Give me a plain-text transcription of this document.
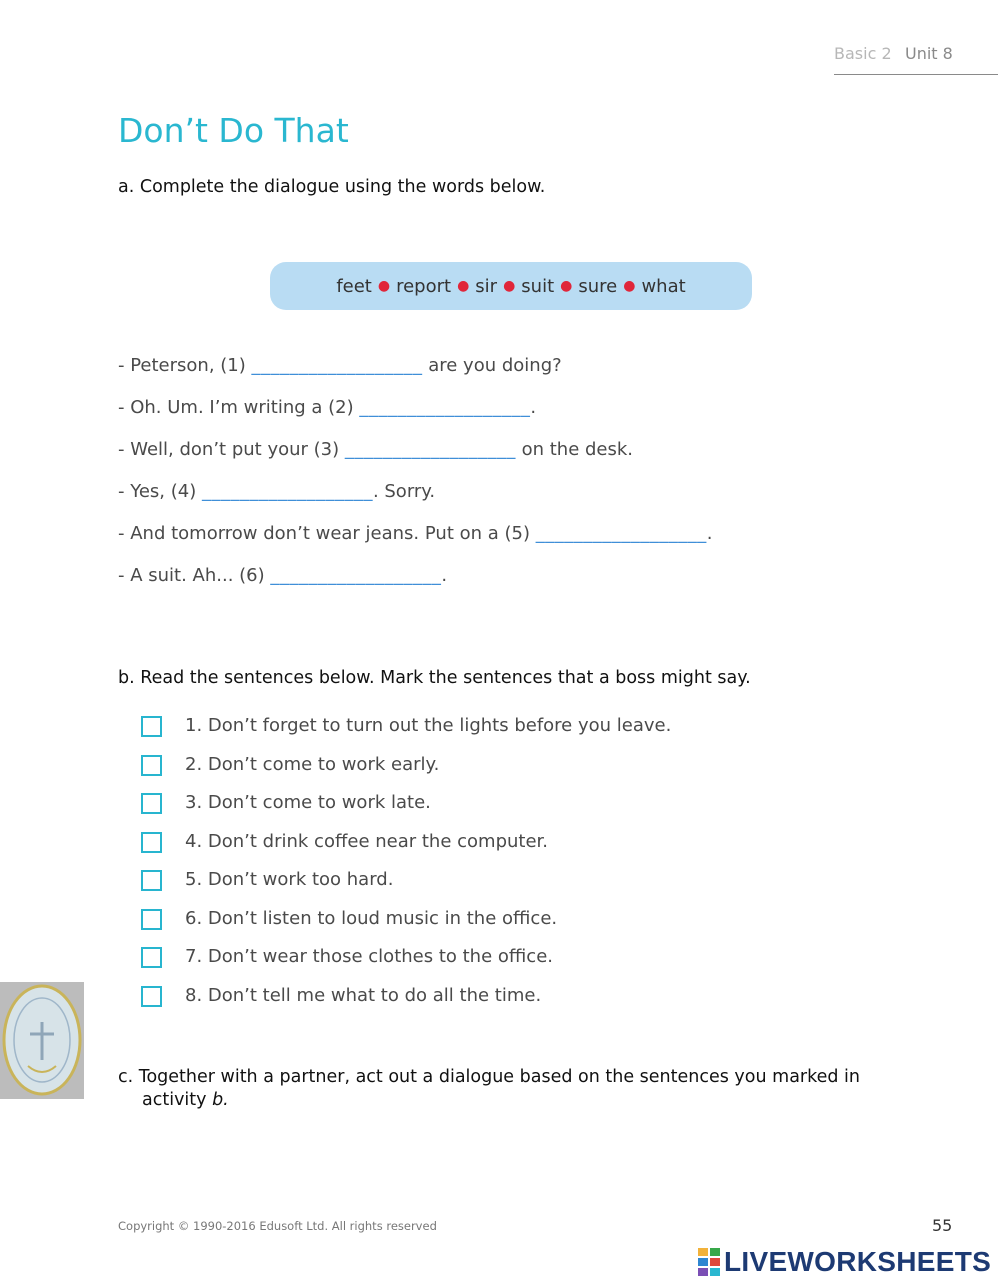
Basic 2 Unit 8
Don’t Do That
a. Complete the dialogue using the words below.
feet ● report ● sir ● suit ● sure ● what
- Peterson, (1) __________________ are you doing?
- Oh. Um. I’m writing a (2) __________________.
- Well, don’t put your (3) __________________ on the desk.
- Yes, (4) __________________. Sorry.
- And tomorrow don’t wear jeans. Put on a (5) __________________.
- A suit. Ah... (6) __________________.
b. Read the sentences below. Mark the sentences that a boss might say.
1. Don’t forget to turn out the lights before you leave.
2. Don’t come to work early.
3. Don’t come to work late.
4. Don’t drink coffee near the computer.
5. Don’t work too hard.
6. Don’t listen to loud music in the office.
7. Don’t wear those clothes to the office.
8. Don’t tell me what to do all the time.
c. Together with a partner, act out a dialogue based on the sentences you marked in
activity b.
Copyright © 1990-2016 Edusoft Ltd. All rights reserved	55
LIVEWORKSHEETS
